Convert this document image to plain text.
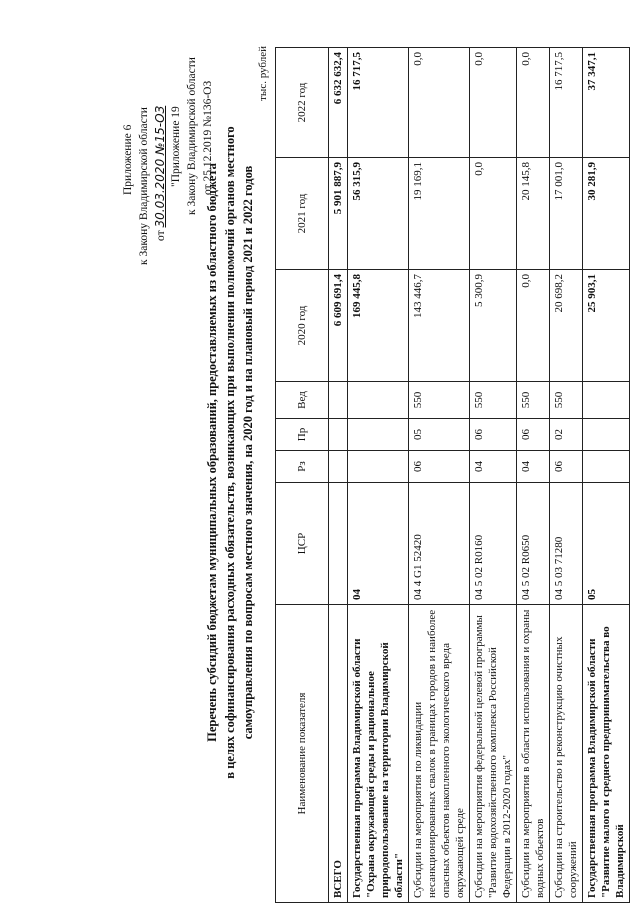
Приложение 6 к Закону Владимирской области от 30.03.2020 №15-ОЗ "Приложение 19 к Закону Владимирской области от 25.12.2019 №136-ОЗ
Перечень субсидий бюджетам муниципальных образований, предоставляемых из областного бюджета в целях софинансирования расходных обязательств, возникающих при выполнении полномочий органов местного самоуправления по вопросам местного значения, на 2020 год и на плановый период 2021 и 2022 годов
тыс. рублей
Наименование показателя	ЦСР	Рз	Пр	Вед	2020 год	2021 год	2022 год
ВСЕГО					6 609 691,4	5 901 887,9	6 632 632,4
Государственная программа Владимирской области "Охрана окружающей среды и рациональное природопользование на территории Владимирской области"	04				169 445,8	56 315,9	16 717,5
Субсидии на мероприятия по ликвидации несанкционированных свалок в границах городов и наиболее опасных объектов накопленного экологического вреда окружающей среде	04 4 G1 52420	06	05	550	143 446,7	19 169,1	0,0
Субсидии на мероприятия федеральной целевой программы "Развитие водохозяйственного комплекса Российской Федерации в 2012-2020 годах"	04 5 02 R0160	04	06	550	5 300,9	0,0	0,0
Субсидии на мероприятия в области использования и охраны водных объектов	04 5 02 R0650	04	06	550	0,0	20 145,8	0,0
Субсидии на строительство и реконструкцию очистных сооружений	04 5 03 71280	06	02	550	20 698,2	17 001,0	16 717,5
Государственная программа Владимирской области "Развитие малого и среднего предпринимательства во Владимирской	05				25 903,1	30 281,9	37 347,1
